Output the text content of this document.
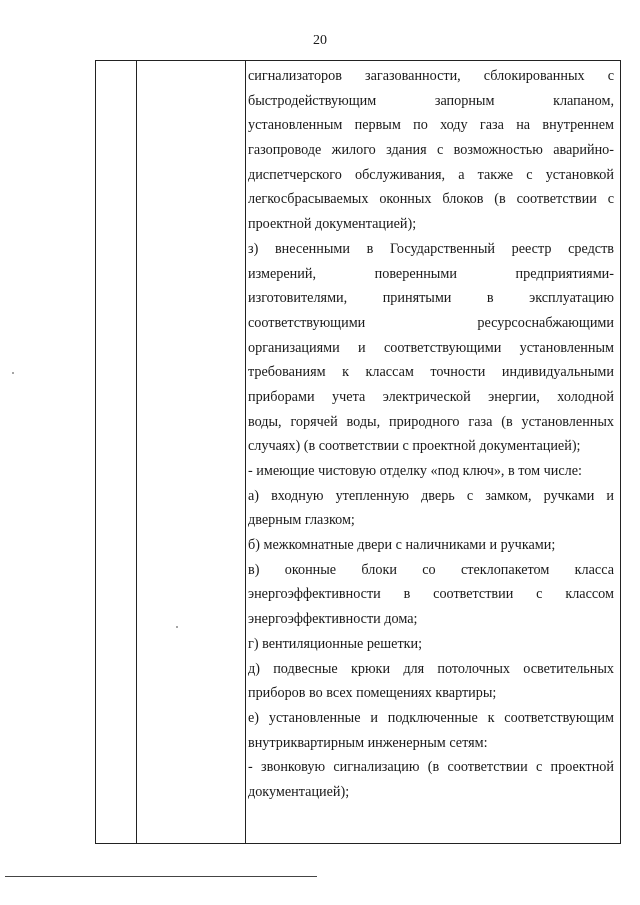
20
сигнализаторов загазованности, сблокированных с
быстродействующим запорным клапаном,
установленным первым по ходу газа на внутреннем
газопроводе жилого здания с возможностью аварийно-
диспетчерского обслуживания, а также с установкой
легкосбрасываемых оконных блоков (в соответствии с
проектной документацией);
з) внесенными в Государственный реестр средств
измерений, поверенными предприятиями-
изготовителями, принятыми в эксплуатацию
соответствующими ресурсоснабжающими
организациями и соответствующими установленным
требованиям к классам точности индивидуальными
приборами учета электрической энергии, холодной
воды, горячей воды, природного газа (в установленных
случаях) (в соответствии с проектной документацией);
- имеющие чистовую отделку «под ключ», в том числе:
а) входную утепленную дверь с замком, ручками и
дверным глазком;
б) межкомнатные двери с наличниками и ручками;
в) оконные блоки со стеклопакетом класса
энергоэффективности в соответствии с классом
энергоэффективности дома;
г) вентиляционные решетки;
д) подвесные крюки для потолочных осветительных
приборов во всех помещениях квартиры;
е) установленные и подключенные к соответствующим
внутриквартирным инженерным сетям:
- звонковую сигнализацию (в соответствии с проектной
документацией);
